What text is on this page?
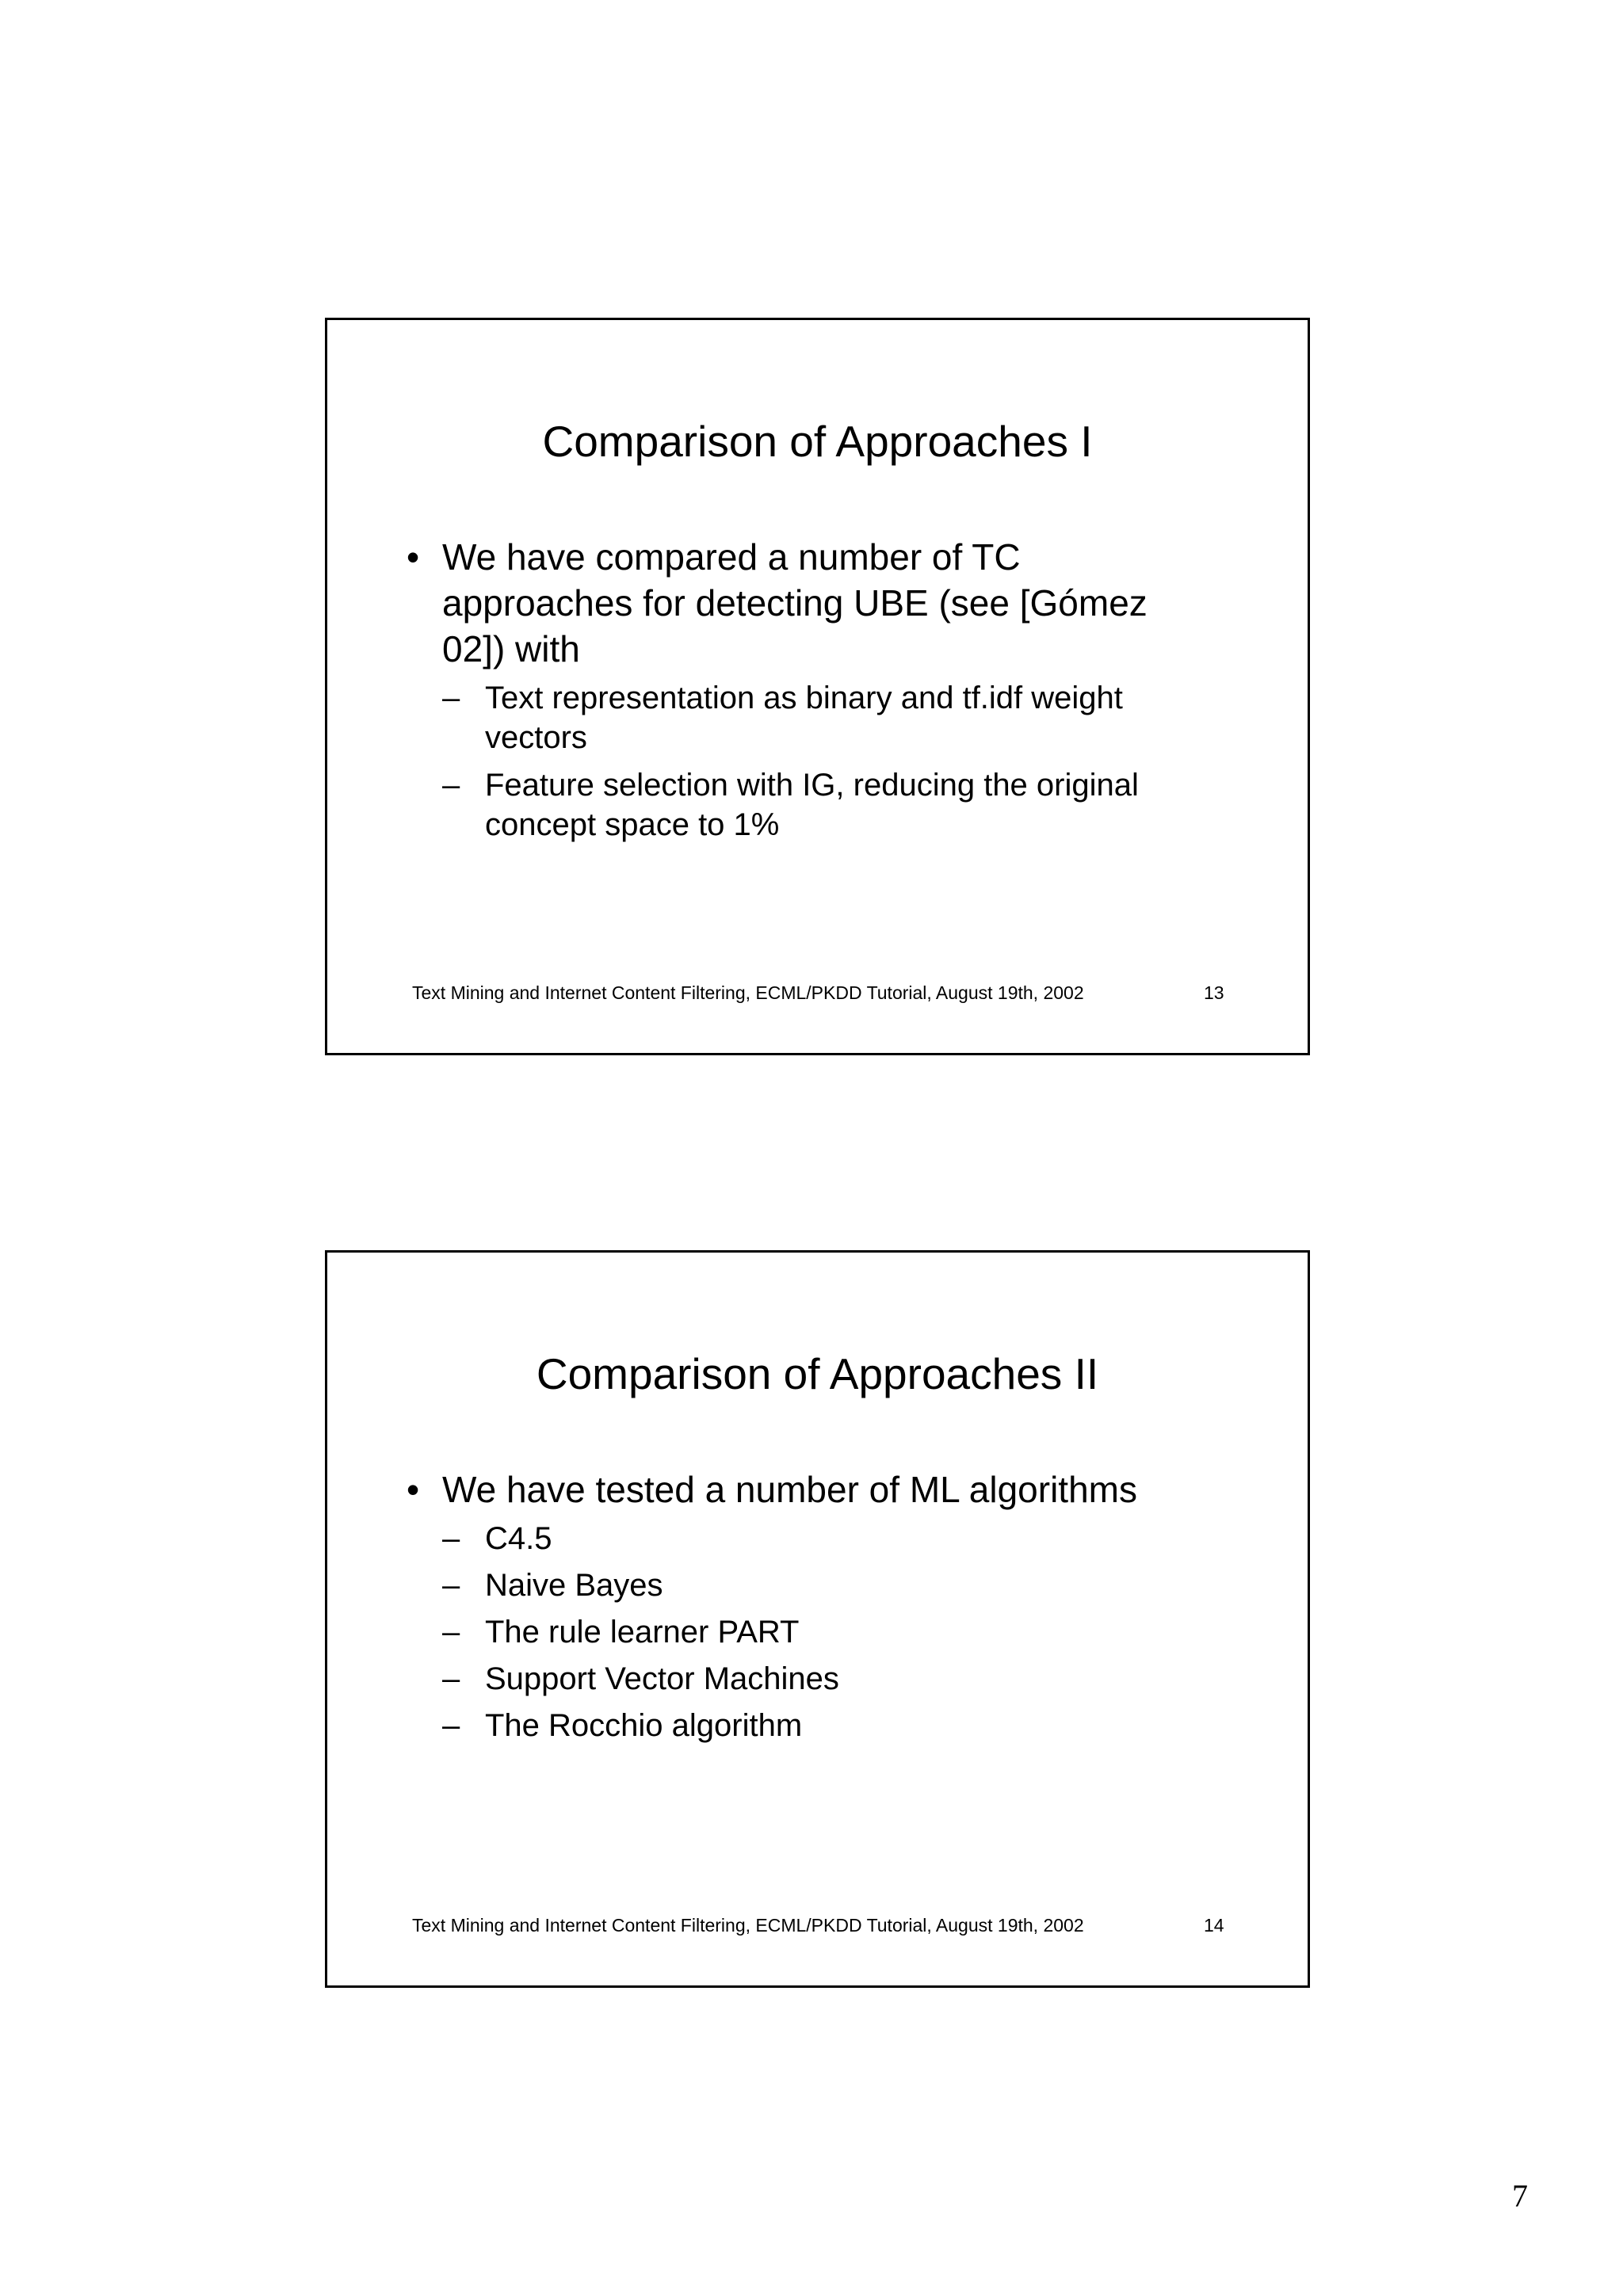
Comparison of Approaches I
• We have compared a number of TC approaches for detecting UBE (see [Gómez 02]) with
– Text representation as binary and tf.idf weight vectors
– Feature selection with IG, reducing the original concept space to 1%
Text Mining and Internet Content Filtering, ECML/PKDD Tutorial, August 19th, 2002	13
Comparison of Approaches II
• We have tested a number of ML algorithms
– C4.5
– Naive Bayes
– The rule learner PART
– Support Vector Machines
– The Rocchio algorithm
Text Mining and Internet Content Filtering, ECML/PKDD Tutorial, August 19th, 2002	14
7
